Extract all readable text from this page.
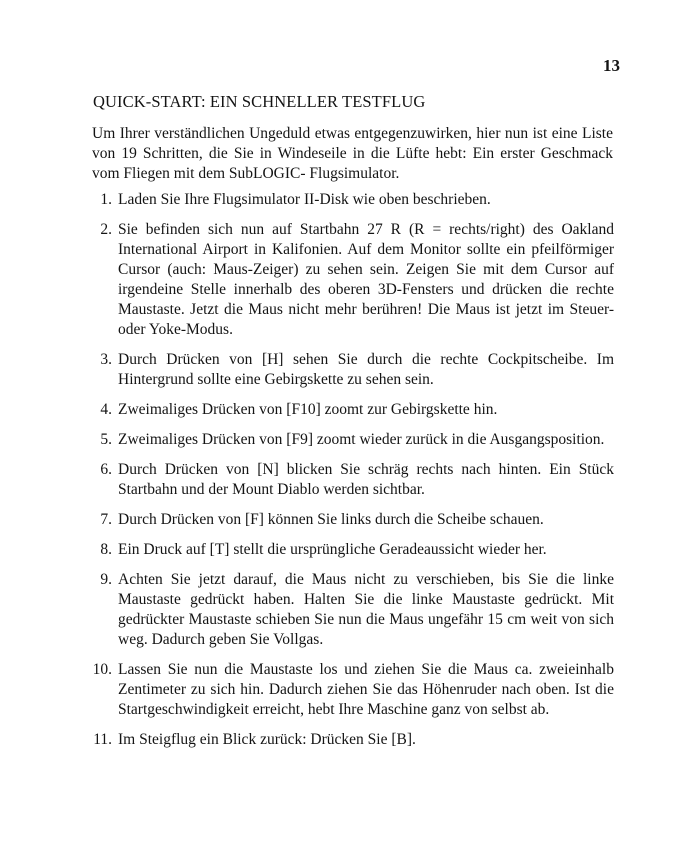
13
QUICK-START: EIN SCHNELLER TESTFLUG

Um Ihrer verständlichen Ungeduld etwas entgegenzuwirken, hier nun ist eine Liste von 19 Schritten, die Sie in Windeseile in die Lüfte hebt: Ein erster Geschmack vom Fliegen mit dem SubLOGIC- Flugsimulator.

1. Laden Sie Ihre Flugsimulator II-Disk wie oben beschrieben.
2. Sie befinden sich nun auf Startbahn 27 R (R = rechts/right) des Oakland International Airport in Kalifonien. Auf dem Monitor sollte ein pfeilförmiger Cursor (auch: Maus-Zeiger) zu sehen sein. Zeigen Sie mit dem Cursor auf irgendeine Stelle innerhalb des oberen 3D-Fensters und drücken die rechte Maustaste. Jetzt die Maus nicht mehr berühren! Die Maus ist jetzt im Steuer- oder Yoke-Modus.
3. Durch Drücken von [H] sehen Sie durch die rechte Cockpitscheibe. Im Hintergrund sollte eine Gebirgskette zu sehen sein.
4. Zweimaliges Drücken von [F10] zoomt zur Gebirgskette hin.
5. Zweimaliges Drücken von [F9] zoomt wieder zurück in die Ausgangsposition.
6. Durch Drücken von [N] blicken Sie schräg rechts nach hinten. Ein Stück Startbahn und der Mount Diablo werden sichtbar.
7. Durch Drücken von [F] können Sie links durch die Scheibe schauen.
8. Ein Druck auf [T] stellt die ursprüngliche Geradeaussicht wieder her.
9. Achten Sie jetzt darauf, die Maus nicht zu verschieben, bis Sie die linke Maustaste gedrückt haben. Halten Sie die linke Maustaste gedrückt. Mit gedrückter Maustaste schieben Sie nun die Maus ungefähr 15 cm weit von sich weg. Dadurch geben Sie Vollgas.
10. Lassen Sie nun die Maustaste los und ziehen Sie die Maus ca. zweieinhalb Zentimeter zu sich hin. Dadurch ziehen Sie das Höhenruder nach oben. Ist die Startgeschwindigkeit erreicht, hebt Ihre Maschine ganz von selbst ab.
11. Im Steigflug ein Blick zurück: Drücken Sie [B].
